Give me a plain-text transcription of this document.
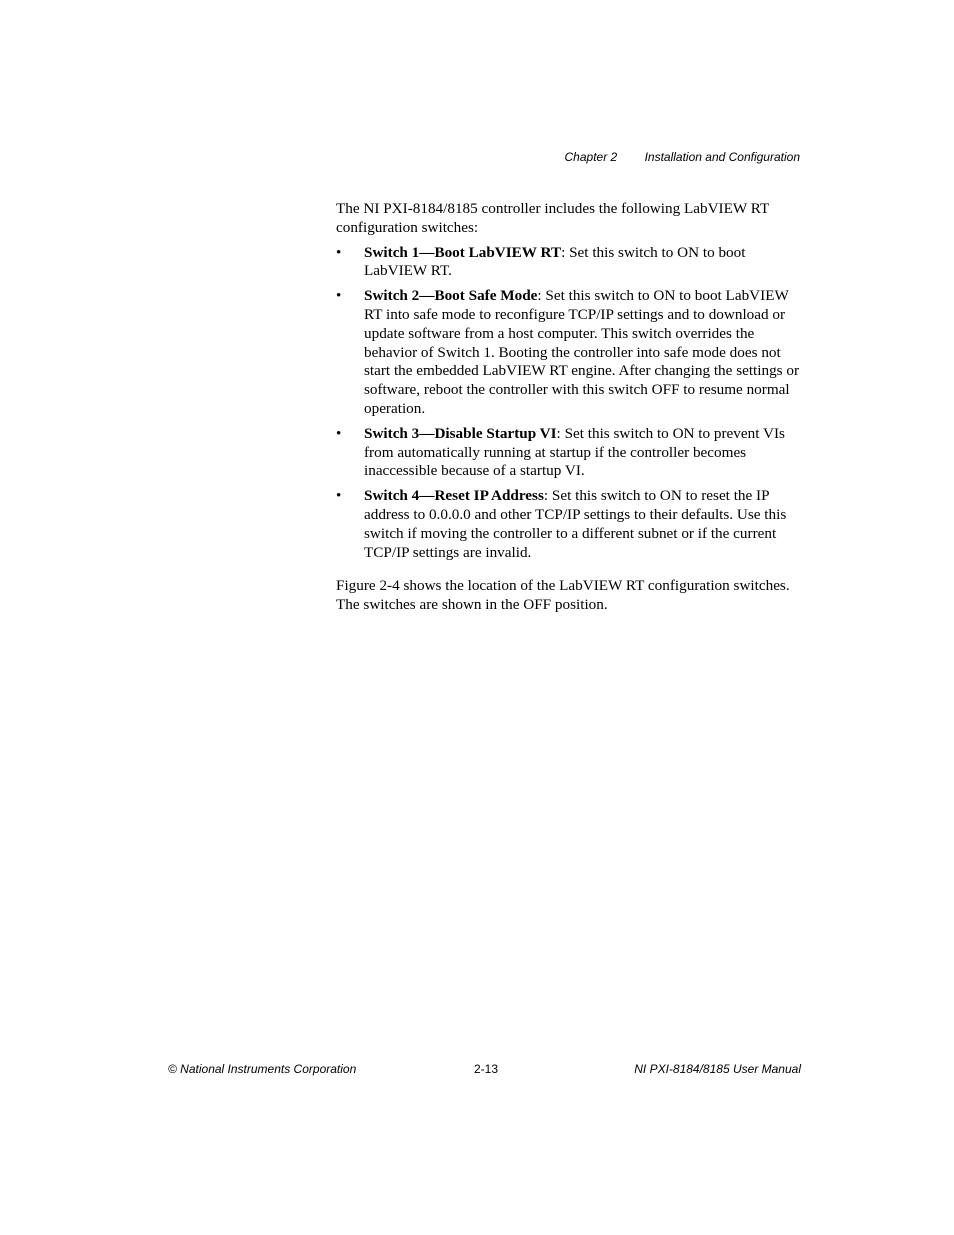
Chapter 2 Installation and Configuration

The NI PXI-8184/8185 controller includes the following LabVIEW RT configuration switches:

• Switch 1—Boot LabVIEW RT: Set this switch to ON to boot LabVIEW RT.
• Switch 2—Boot Safe Mode: Set this switch to ON to boot LabVIEW RT into safe mode to reconfigure TCP/IP settings and to download or update software from a host computer. This switch overrides the behavior of Switch 1. Booting the controller into safe mode does not start the embedded LabVIEW RT engine. After changing the settings or software, reboot the controller with this switch OFF to resume normal operation.
• Switch 3—Disable Startup VI: Set this switch to ON to prevent VIs from automatically running at startup if the controller becomes inaccessible because of a startup VI.
• Switch 4—Reset IP Address: Set this switch to ON to reset the IP address to 0.0.0.0 and other TCP/IP settings to their defaults. Use this switch if moving the controller to a different subnet or if the current TCP/IP settings are invalid.

Figure 2-4 shows the location of the LabVIEW RT configuration switches. The switches are shown in the OFF position.

© National Instruments Corporation	2-13	NI PXI-8184/8185 User Manual
